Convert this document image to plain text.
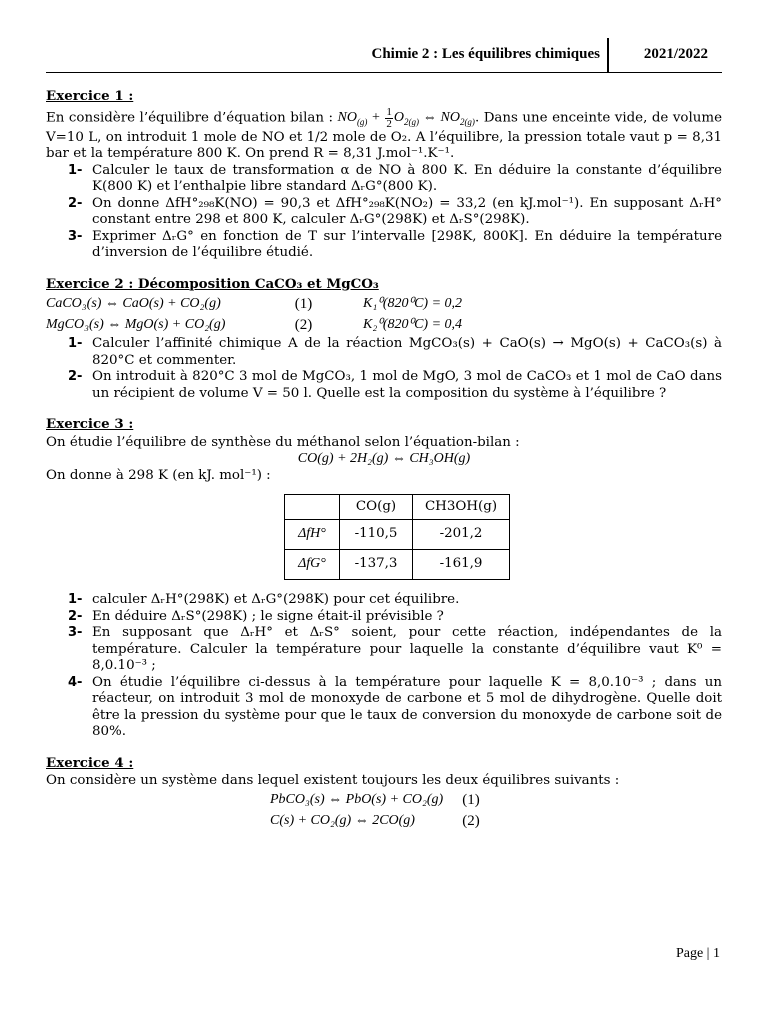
Chimie 2 : Les équilibres chimiques	2021/2022
Exercice 1 :

En considère l’équilibre d’équation bilan : $NO_{(g)} + \frac{1}{2} O_{2(g)}$ ⇔ $NO_{2(g)}$. Dans une enceinte vide, de volume V=10 L, on introduit 1 mole de NO et 1/2 mole de O₂. A l’équilibre, la pression totale vaut p = 8,31 bar et la température 800 K. On prend R = 8,31 J.mol⁻¹.K⁻¹.

1- Calculer le taux de transformation α de NO à 800 K. En déduire la constante d’équilibre K(800 K) et l’enthalpie libre standard ΔᵣG°(800 K).
2- On donne ΔfH°₂₉₈K(NO) = 90,3 et ΔfH°₂₉₈K(NO₂) = 33,2 (en kJ.mol⁻¹). En supposant ΔᵣH° constant entre 298 et 800 K, calculer ΔᵣG°(298K) et ΔᵣS°(298K).
3- Exprimer ΔᵣG° en fonction de T sur l’intervalle [298K, 800K]. En déduire la température d’inversion de l’équilibre étudié.
Exercice 2 : Décomposition CaCO₃ et MgCO₃
CaCO₃(s) ⇔ CaO(s) + CO₂(g)	(1)	K₁⁰(820⁰C) = 0,2
MgCO₃(s) ⇔ MgO(s) + CO₂(g)	(2)	K₂⁰(820⁰C) = 0,4
1- Calculer l’affinité chimique A de la réaction MgCO₃(s) + CaO(s) → MgO(s) + CaCO₃(s) à 820°C et commenter.
2- On introduit à 820°C 3 mol de MgCO₃, 1 mol de MgO, 3 mol de CaCO₃ et 1 mol de CaO dans un récipient de volume V = 50 l. Quelle est la composition du système à l’équilibre ?
Exercice 3 :

On étudie l’équilibre de synthèse du méthanol selon l’équation-bilan :

CO(g) + 2H₂(g) ⇔ CH₃OH(g)

On donne à 298 K (en kJ. mol⁻¹) :

	CO(g)	CH3OH(g)
ΔfH°	-110,5	-201,2
ΔfG°	-137,3	-161,9
1- calculer ΔᵣH°(298K) et ΔᵣG°(298K) pour cet équilibre.
2- En déduire ΔᵣS°(298K) ; le signe était-il prévisible ?
3- En supposant que ΔᵣH° et ΔᵣS° soient, pour cette réaction, indépendantes de la température. Calculer la température pour laquelle la constante d’équilibre vaut K⁰ = 8,0.10⁻³ ;
4- On étudie l’équilibre ci-dessus à la température pour laquelle K = 8,0.10⁻³ ; dans un réacteur, on introduit 3 mol de monoxyde de carbone et 5 mol de dihydrogène. Quelle doit être la pression du système pour que le taux de conversion du monoxyde de carbone soit de 80%.
Exercice 4 :

On considère un système dans lequel existent toujours les deux équilibres suivants :

PbCO₃(s) ⇔ PbO(s) + CO₂(g)	(1)
C(s) + CO₂(g) ⇔ 2CO(g)	(2)
Page | 1
